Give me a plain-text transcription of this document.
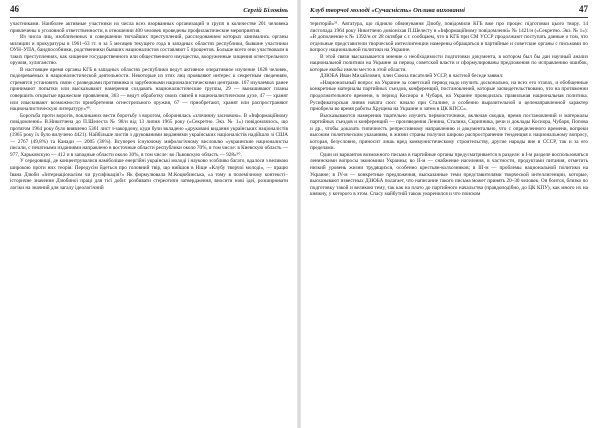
46	Сергій Білокінь

участниками. Наиболее активные участники из числа всех взорванных организаций и групп в количестве 201 человека привлечены к уголовной ответственности, в отношении 400 человек проведены профилактические мероприятия.

Из числа лиц, изобличенных в совершении тягчайших преступлений, расследованием которых занимались органы милиции и прокуратуры в 1961–63 гг. и за 5 месяцев текущего года в западных областях республики, бывшие участники ОУН–УПА, бандпособники, родственники бывших националистов составляют 5 процентов. Больше всего они участвовали в таких преступлениях, как хищение государственного или общественного имущества, вооруженные хищения огнестрельного оружия, хулиганство.

В настоящее время органы КГБ в западных областях республики ведут активное оперативное изучение 1628 человек, подозреваемых в националистической деятельности. Некоторые из этих лиц проявляют интерес к секретным сведениям, стремятся установить связи с разведками противника и зарубежными националистическими центрами. 167 изучаемых ранее принимают попытки или высказывают намерения создавать националистические группы, 29 — вынашивают планы совершить открытые вражеские проявления, 363 — ведут обработку своих связей в националистическом духе, 47 — хранят или изыскивают возможности приобретения огнестрельного оружия, 67 — приобретают, хранят или распространяют националистическую литературу»⁴⁹.

Боротьба проти ворогів, покликаних вести боротьбу з ворогом, оборонялась «злочинну засновою». В «Інформаційному повідомленні» В.Никитчена до П.Шелеста № 98/н від 13 липня 1965 року («Секретно. Экз. № 1») повідомлялось, що протягом 1964 року було виявлено 5361 лист з-закордону, куди були вкладено «друковані видання українських націоналістів (1965 року їх було вилучено 4421). Найбільше листів з друкованими виданнями українських націоналістів надійшло зі США — 2767 (49,8%) та Канади — 2005 (36%). Всупереч існуючому мифологічному висловлю «украинские националисты писали, с печатными изданиями направлено в восточные области республики около 70%, в том числе: в Киевскую область — 977, Харьковскую — 412 и в западные области около 30%, в том числе: во Львовскую область — 928»⁵⁰.

У середовищі, де концентрувалися наміболіше енергійні українські молоді і науково зсобливо багато, вдалося з великою широкою проти них теорія. Передусім йдеться про головний твір, що вийшов в Ніще «Клубу творчої молоді», — працю Івана Дзюби «Інтернаціоналізм чи русифікація?» Як формулювала М.Коцюбинська, «а тому в полемічному контексті–історичне значення Дзюбиної праці для тієї доби: розбивати стереотипи затвердження, вносити нові ідеї, розширювати логіки на значний для загалу ідеологічний

Клуб творчої молоді «Сучасність» Оплива вихованні	47

територій»⁵¹. Автатура, що підняло обвинування Дзюбу, повідомили КГБ вже про процес підготовки цього твору. 14 листопада 1964 року Никитчено довіоніхав П.Шелесту в «Інформаційному повідомленні» № 1421/н («Секретно. Экз. № 1»): «В дополнение к № 1392/н от 28 октября с.г. сообщаем, что в КГБ при СМ УССР продолжают поступать данные о том, что отдельные представители творческой интеллигенции намерены обращаться в партийные и советские органы с письмами по вопросу национальной политики на Украине.

В этой связи высказывается мнение о необходимости подготовки документа, в котором был бы дан научный анализ национальной политики на Украине за период советской власти и сформулированы предложения по исправлению ошибок, которые якобы имели место в этой области.

ДЗЮБА Иван Михайлович, член Союза писателей УССР, в частной беседе заявил:

«Национальный вопрос на Украине за советский период надо изучить досконально, на всех его этапах, и обобщенные конкретные материалы партийных съездов, конференций, постановлений, которые засвидетельствовано, что на протяжении продолжительного времени, в период Косиора и Чубаря, на Украине проводилась правильная национальная политика. Русификаторская линия начата сюсс начало при Сталине, а особенно выразительной и целенаправленной характер приобрела во время работы Хрущева на Украине и затем в ЦК КПСС».

Высказываются намерения тщательно изучить первоисточники, включая сводки, время постановлений и материалы партийных съездов и конференций — произведения Ленина, Сталина, Скрипника, речи и доклады Косиора, Чубаря, Попова и др., чтобы доказать типичность репрессивному направлению и документально, что с определенного времени, вопреки высоким политическим указаниям, в жизни страны получил широко распространение тенденция к национальному вопросу, которая, безусловно, приносит лишь вред коммунистическому строительству, другие народы вне в СССР, так и за его пределами.

Один из вариантов возможного письма в партийные органы предусматривается в разделе: в I-м разделе воспользоваться ленинскими вопросы экономики Украины; во II-м — снабжение населения, в частности, продуктами питания, отметить низкий уровень жизни трудящихся, особенно крестьян-колхозников; в III-м — проблемы национальной политики на Украине; в IV-м — конкретные предложения, высказанные теми представителями творческой интеллигенции, которые, высказывают известных ДЗЮБА полагает, что написание такого письма может принять 20–30 человек. Он боится, близко по подготовку такой и великою тему, так как на плато до партийного начальства (правдоподібно, до ЦК КПУ), как много их на княжну, у которого в этом. Спасу майбутній також укоренился и что поиском
